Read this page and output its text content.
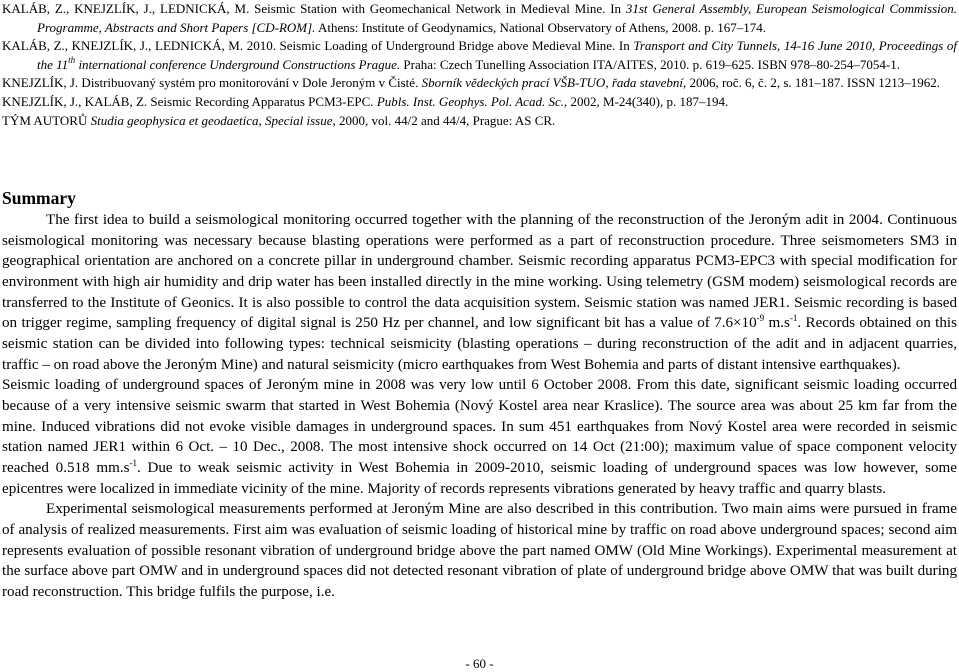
KALÁB, Z., KNEJZLÍK, J., LEDNICKÁ, M. Seismic Station with Geomechanical Network in Medieval Mine. In 31st General Assembly, European Seismological Commission. Programme, Abstracts and Short Papers [CD-ROM]. Athens: Institute of Geodynamics, National Observatory of Athens, 2008. p. 167–174.

KALÁB, Z., KNEJZLÍK, J., LEDNICKÁ, M. 2010. Seismic Loading of Underground Bridge above Medieval Mine. In Transport and City Tunnels, 14-16 June 2010, Proceedings of the 11th international conference Underground Constructions Prague. Praha: Czech Tunelling Association ITA/AITES, 2010. p. 619–625. ISBN 978–80-254–7054-1.

KNEJZLÍK, J. Distribuovaný systém pro monitorování v Dole Jeroným v Čisté. Sborník vědeckých prací VŠB-TUO, řada stavební, 2006, roč. 6, č. 2, s. 181–187. ISSN 1213–1962.

KNEJZLÍK, J., KALÁB, Z. Seismic Recording Apparatus PCM3-EPC. Publs. Inst. Geophys. Pol. Acad. Sc., 2002, M-24(340), p. 187–194.

TÝM AUTORŮ Studia geophysica et geodaetica, Special issue, 2000, vol. 44/2 and 44/4, Prague: AS CR.

Summary

The first idea to build a seismological monitoring occurred together with the planning of the reconstruction of the Jeroným adit in 2004. Continuous seismological monitoring was necessary because blasting operations were performed as a part of reconstruction procedure. Three seismometers SM3 in geographical orientation are anchored on a concrete pillar in underground chamber. Seismic recording apparatus PCM3-EPC3 with special modification for environment with high air humidity and drip water has been installed directly in the mine working. Using telemetry (GSM modem) seismological records are transferred to the Institute of Geonics. It is also possible to control the data acquisition system. Seismic station was named JER1. Seismic recording is based on trigger regime, sampling frequency of digital signal is 250 Hz per channel, and low significant bit has a value of $7.6\times 10^{-9}$ $m.s^{-1}$. Records obtained on this seismic station can be divided into following types: technical seismicity (blasting operations – during reconstruction of the adit and in adjacent quarries, traffic – on road above the Jeroným Mine) and natural seismicity (micro earthquakes from West Bohemia and parts of distant intensive earthquakes).

Seismic loading of underground spaces of Jeroným mine in 2008 was very low until 6 October 2008. From this date, significant seismic loading occurred because of a very intensive seismic swarm that started in West Bohemia (Nový Kostel area near Kraslice). The source area was about 25 km far from the mine. Induced vibrations did not evoke visible damages in underground spaces. In sum 451 earthquakes from Nový Kostel area were recorded in seismic station named JER1 within 6 Oct. – 10 Dec., 2008. The most intensive shock occurred on 14 Oct (21:00); maximum value of space component velocity reached 0.518 $mm.s^{-1}$. Due to weak seismic activity in West Bohemia in 2009-2010, seismic loading of underground spaces was low however, some epicentres were localized in immediate vicinity of the mine. Majority of records represents vibrations generated by heavy traffic and quarry blasts.

Experimental seismological measurements performed at Jeroným Mine are also described in this contribution. Two main aims were pursued in frame of analysis of realized measurements. First aim was evaluation of seismic loading of historical mine by traffic on road above underground spaces; second aim represents evaluation of possible resonant vibration of underground bridge above the part named OMW (Old Mine Workings). Experimental measurement at the surface above part OMW and in underground spaces did not detected resonant vibration of plate of underground bridge above OMW that was built during road reconstruction. This bridge fulfils the purpose, i.e.

- 60 -
